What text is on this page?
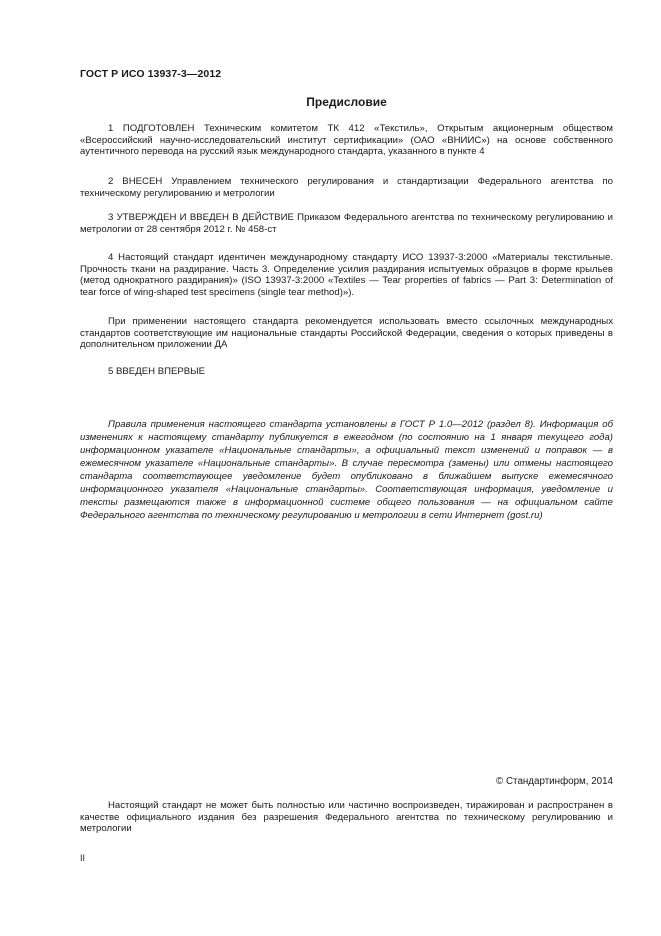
ГОСТ Р ИСО 13937-3—2012
Предисловие

1 ПОДГОТОВЛЕН Техническим комитетом ТК 412 «Текстиль», Открытым акционерным обществом «Всероссийский научно-исследовательский институт сертификации» (ОАО «ВНИИС») на основе собственного аутентичного перевода на русский язык международного стандарта, указанного в пункте 4

2 ВНЕСЕН Управлением технического регулирования и стандартизации Федерального агентства по техническому регулированию и метрологии

3 УТВЕРЖДЕН И ВВЕДЕН В ДЕЙСТВИЕ Приказом Федерального агентства по техническому регулированию и метрологии от 28 сентября 2012 г. № 458-ст

4 Настоящий стандарт идентичен международному стандарту ИСО 13937-3:2000 «Материалы текстильные. Прочность ткани на раздирание. Часть 3. Определение усилия раздирания испытуемых образцов в форме крыльев (метод однократного раздирания)» (ISO 13937-3:2000 «Textiles — Tear properties of fabrics — Part 3: Determination of tear force of wing-shaped test specimens (single tear method)»).

При применении настоящего стандарта рекомендуется использовать вместо ссылочных международных стандартов соответствующие им национальные стандарты Российской Федерации, сведения о которых приведены в дополнительном приложении ДА

5 ВВЕДЕН ВПЕРВЫЕ

Правила применения настоящего стандарта установлены в ГОСТ Р 1.0—2012 (раздел 8). Информация об изменениях к настоящему стандарту публикуется в ежегодном (по состоянию на 1 января текущего года) информационном указателе «Национальные стандарты», а официальный текст изменений и поправок — в ежемесячном указателе «Национальные стандарты». В случае пересмотра (замены) или отмены настоящего стандарта соответствующее уведомление будет опубликовано в ближайшем выпуске ежемесячного информационного указателя «Национальные стандарты». Соответствующая информация, уведомление и тексты размещаются также в информационной системе общего пользования — на официальном сайте Федерального агентства по техническому регулированию и метрологии в сети Интернет (gost.ru)

© Стандартинформ, 2014

Настоящий стандарт не может быть полностью или частично воспроизведен, тиражирован и распространен в качестве официального издания без разрешения Федерального агентства по техническому регулированию и метрологии

II
